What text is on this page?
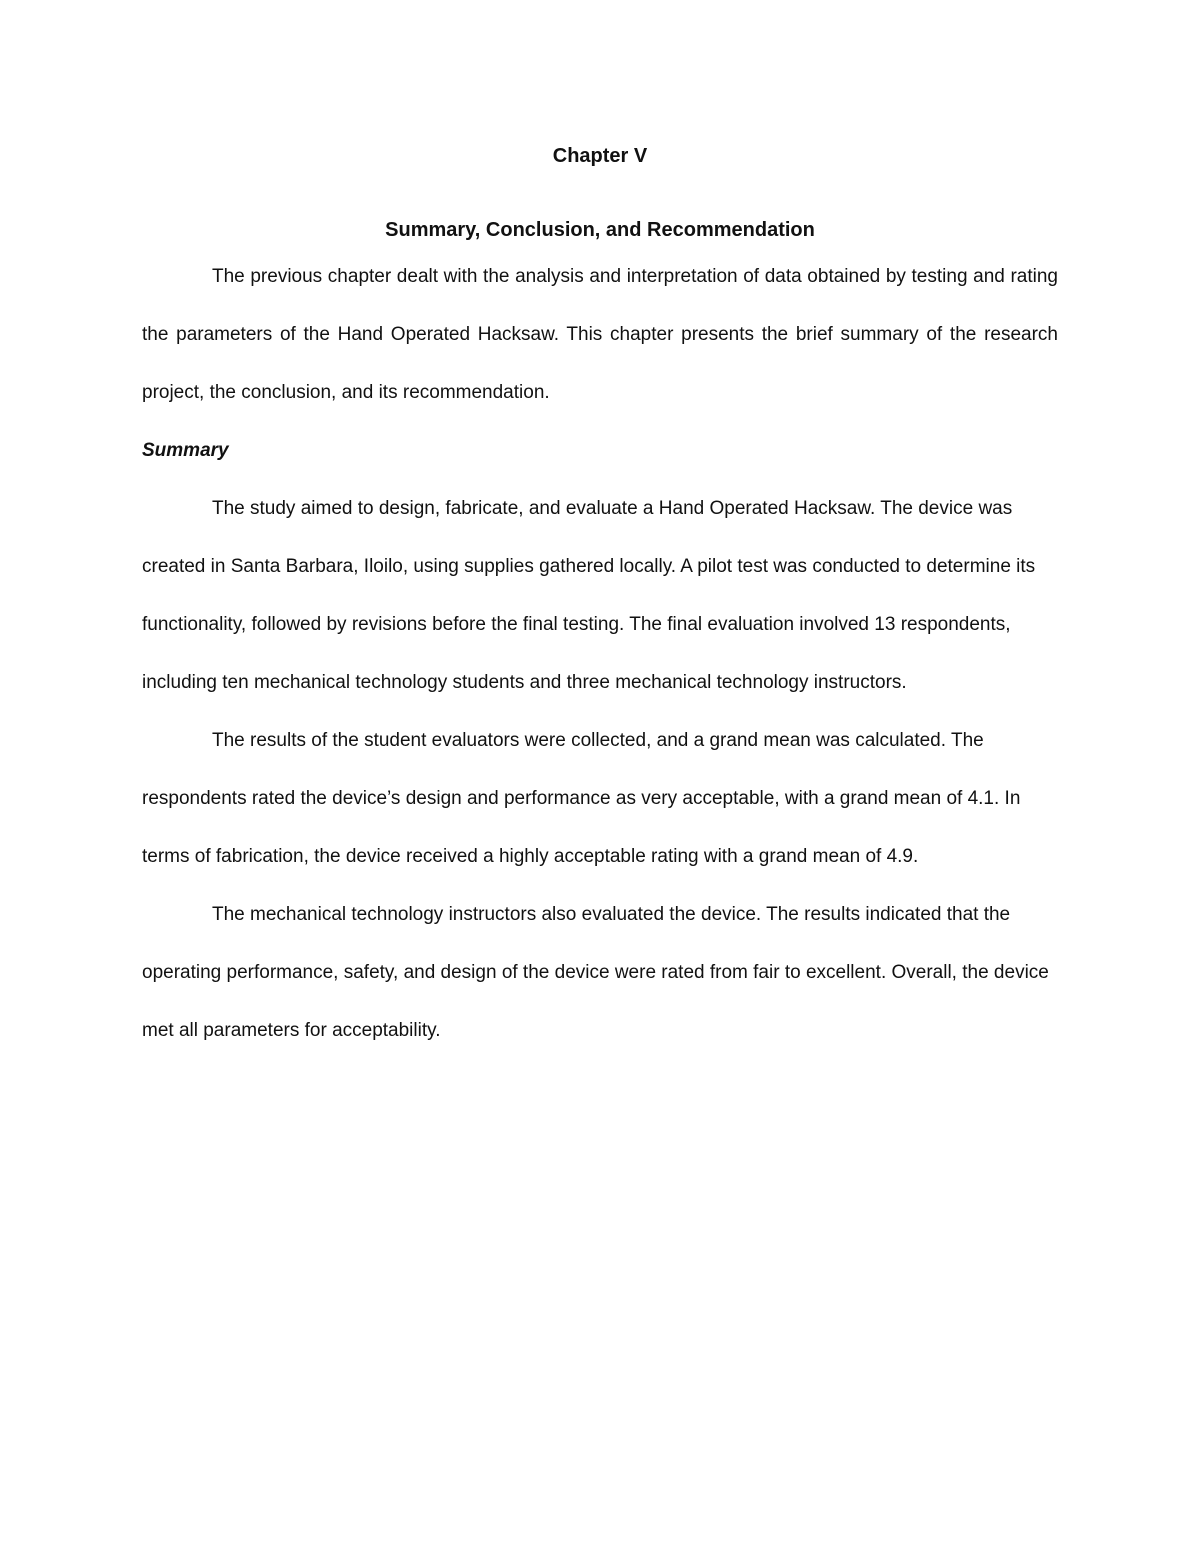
Chapter V
Summary, Conclusion, and Recommendation

The previous chapter dealt with the analysis and interpretation of data obtained by testing and rating the parameters of the Hand Operated Hacksaw. This chapter presents the brief summary of the research project, the conclusion, and its recommendation.

Summary

The study aimed to design, fabricate, and evaluate a Hand Operated Hacksaw. The device was created in Santa Barbara, Iloilo, using supplies gathered locally. A pilot test was conducted to determine its functionality, followed by revisions before the final testing. The final evaluation involved 13 respondents, including ten mechanical technology students and three mechanical technology instructors.

The results of the student evaluators were collected, and a grand mean was calculated. The respondents rated the device’s design and performance as very acceptable, with a grand mean of 4.1. In terms of fabrication, the device received a highly acceptable rating with a grand mean of 4.9.

The mechanical technology instructors also evaluated the device. The results indicated that the operating performance, safety, and design of the device were rated from fair to excellent. Overall, the device met all parameters for acceptability.
